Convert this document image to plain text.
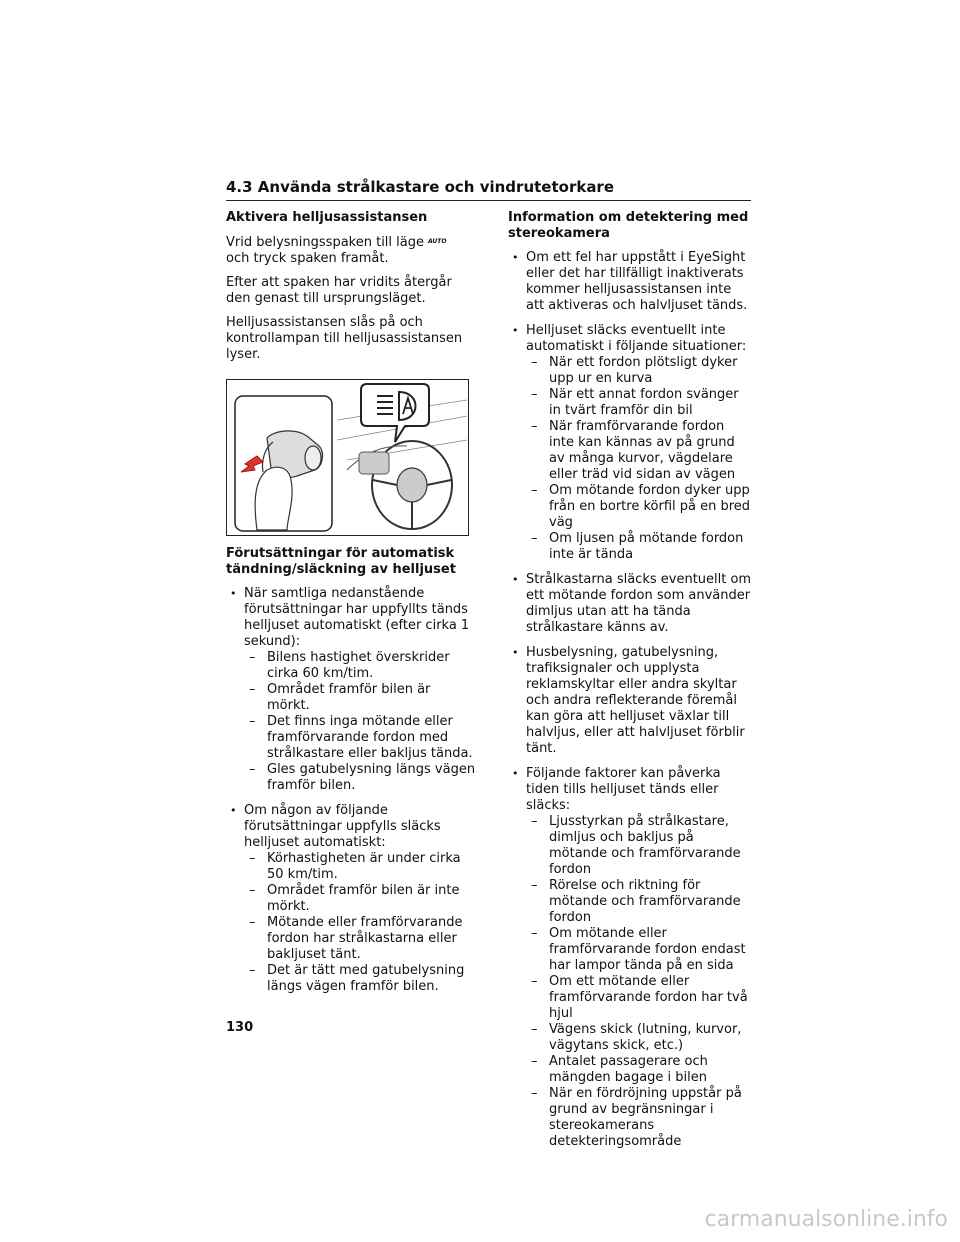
4.3 Använda strålkastare och vindrutetorkare
Aktivera helljusassistansen

Vrid belysningsspaken till läge AUTOoch tryck spaken framåt.

Efter att spaken har vridits återgår den genast till ursprungsläget.

Helljusassistansen slås på och kontrollampan till helljusassistansen lyser.

Förutsättningar för automatisk tändning/släckning av helljuset
• När samtliga nedanstående förutsättningar har uppfyllts tänds helljuset automatiskt (efter cirka 1 sekund):
– Bilens hastighet överskrider cirka 60 km/tim.
– Området framför bilen är mörkt.
– Det finns inga mötande eller framförvarande fordon med strålkastare eller bakljus tända.
– Gles gatubelysning längs vägen framför bilen.
• Om någon av följande förutsättningar uppfylls släcks helljuset automatiskt:
– Körhastigheten är under cirka 50 km/tim.
– Området framför bilen är inte mörkt.
– Mötande eller framförvarande fordon har strålkastarna eller bakljuset tänt.
– Det är tätt med gatubelysning längs vägen framför bilen.
Information om detektering med stereokamera
• Om ett fel har uppstått i EyeSight eller det har tillfälligt inaktiverats kommer helljusassistansen inte att aktiveras och halvljuset tänds.
• Helljuset släcks eventuellt inte automatiskt i följande situationer:
– När ett fordon plötsligt dyker upp ur en kurva
– När ett annat fordon svänger in tvärt framför din bil
– När framförvarande fordon inte kan kännas av på grund av många kurvor, vägdelare eller träd vid sidan av vägen
– Om mötande fordon dyker upp från en bortre körfil på en bred väg
– Om ljusen på mötande fordon inte är tända
• Strålkastarna släcks eventuellt om ett mötande fordon som använder dimljus utan att ha tända strålkastare känns av.
• Husbelysning, gatubelysning, trafiksignaler och upplysta reklamskyltar eller andra skyltar och andra reflekterande föremål kan göra att helljuset växlar till halvljus, eller att halvljuset förblir tänt.
• Följande faktorer kan påverka tiden tills helljuset tänds eller släcks:
– Ljusstyrkan på strålkastare, dimljus och bakljus på mötande och framförvarande fordon
– Rörelse och riktning för mötande och framförvarande fordon
– Om mötande eller framförvarande fordon endast har lampor tända på en sida
– Om ett mötande eller framförvarande fordon har två hjul
– Vägens skick (lutning, kurvor, vägytans skick, etc.)
– Antalet passagerare och mängden bagage i bilen
– När en fördröjning uppstår på grund av begränsningar i stereokamerans detekteringsområde
130
carmanualsonline.info
